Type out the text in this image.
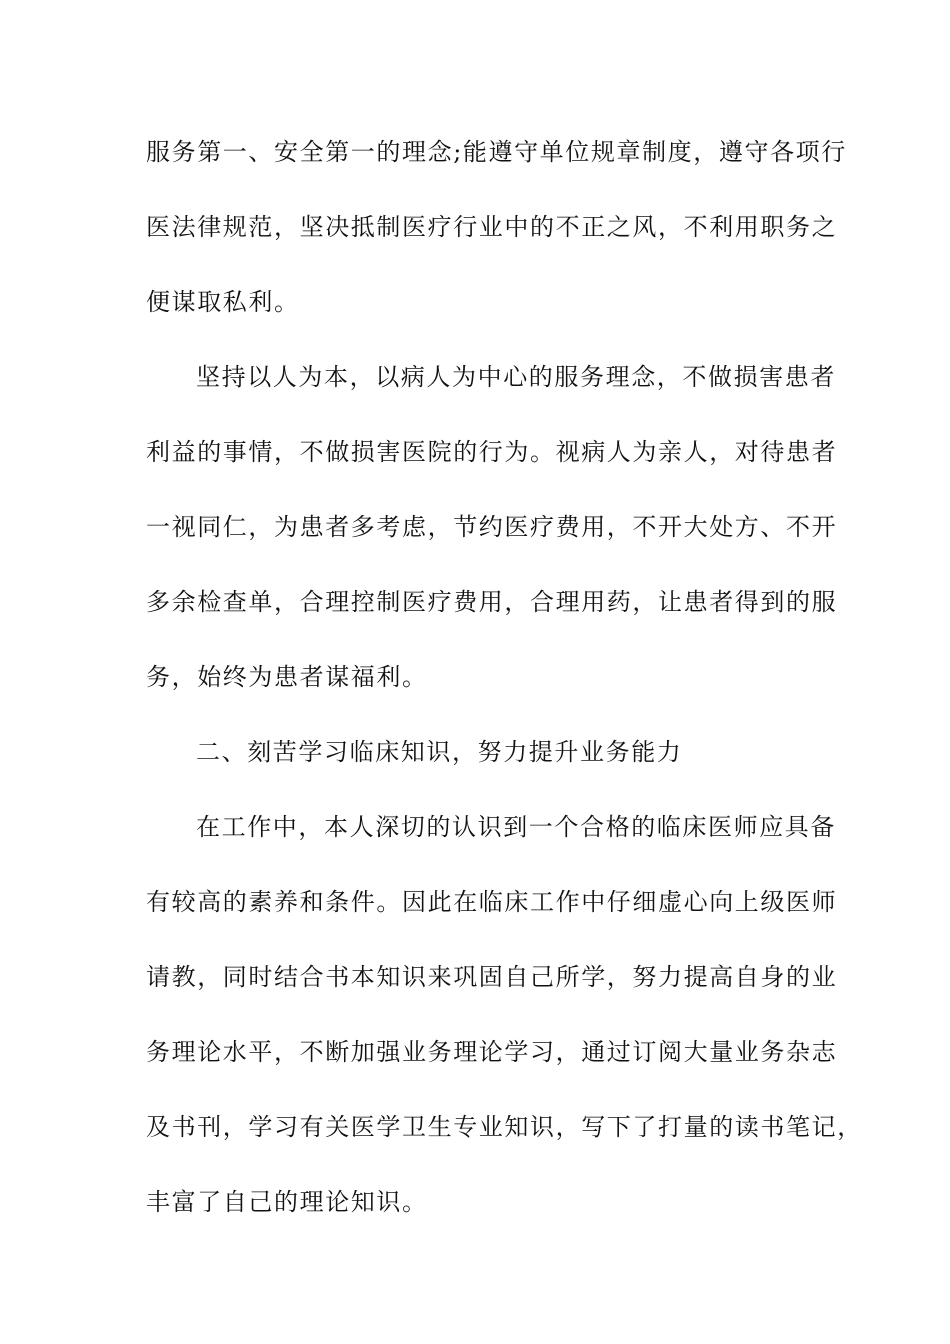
服务第一、安全第一的理念;能遵守单位规章制度，遵守各项行
医法律规范，坚决抵制医疗行业中的不正之风，不利用职务之
便谋取私利。
坚持以人为本，以病人为中心的服务理念，不做损害患者
利益的事情，不做损害医院的行为。视病人为亲人，对待患者
一视同仁，为患者多考虑，节约医疗费用，不开大处方、不开
多余检查单，合理控制医疗费用，合理用药，让患者得到的服
务，始终为患者谋福利。
二、刻苦学习临床知识，努力提升业务能力
在工作中，本人深切的认识到一个合格的临床医师应具备
有较高的素养和条件。因此在临床工作中仔细虚心向上级医师
请教，同时结合书本知识来巩固自己所学，努力提高自身的业
务理论水平，不断加强业务理论学习，通过订阅大量业务杂志
及书刊，学习有关医学卫生专业知识，写下了打量的读书笔记，
丰富了自己的理论知识。
